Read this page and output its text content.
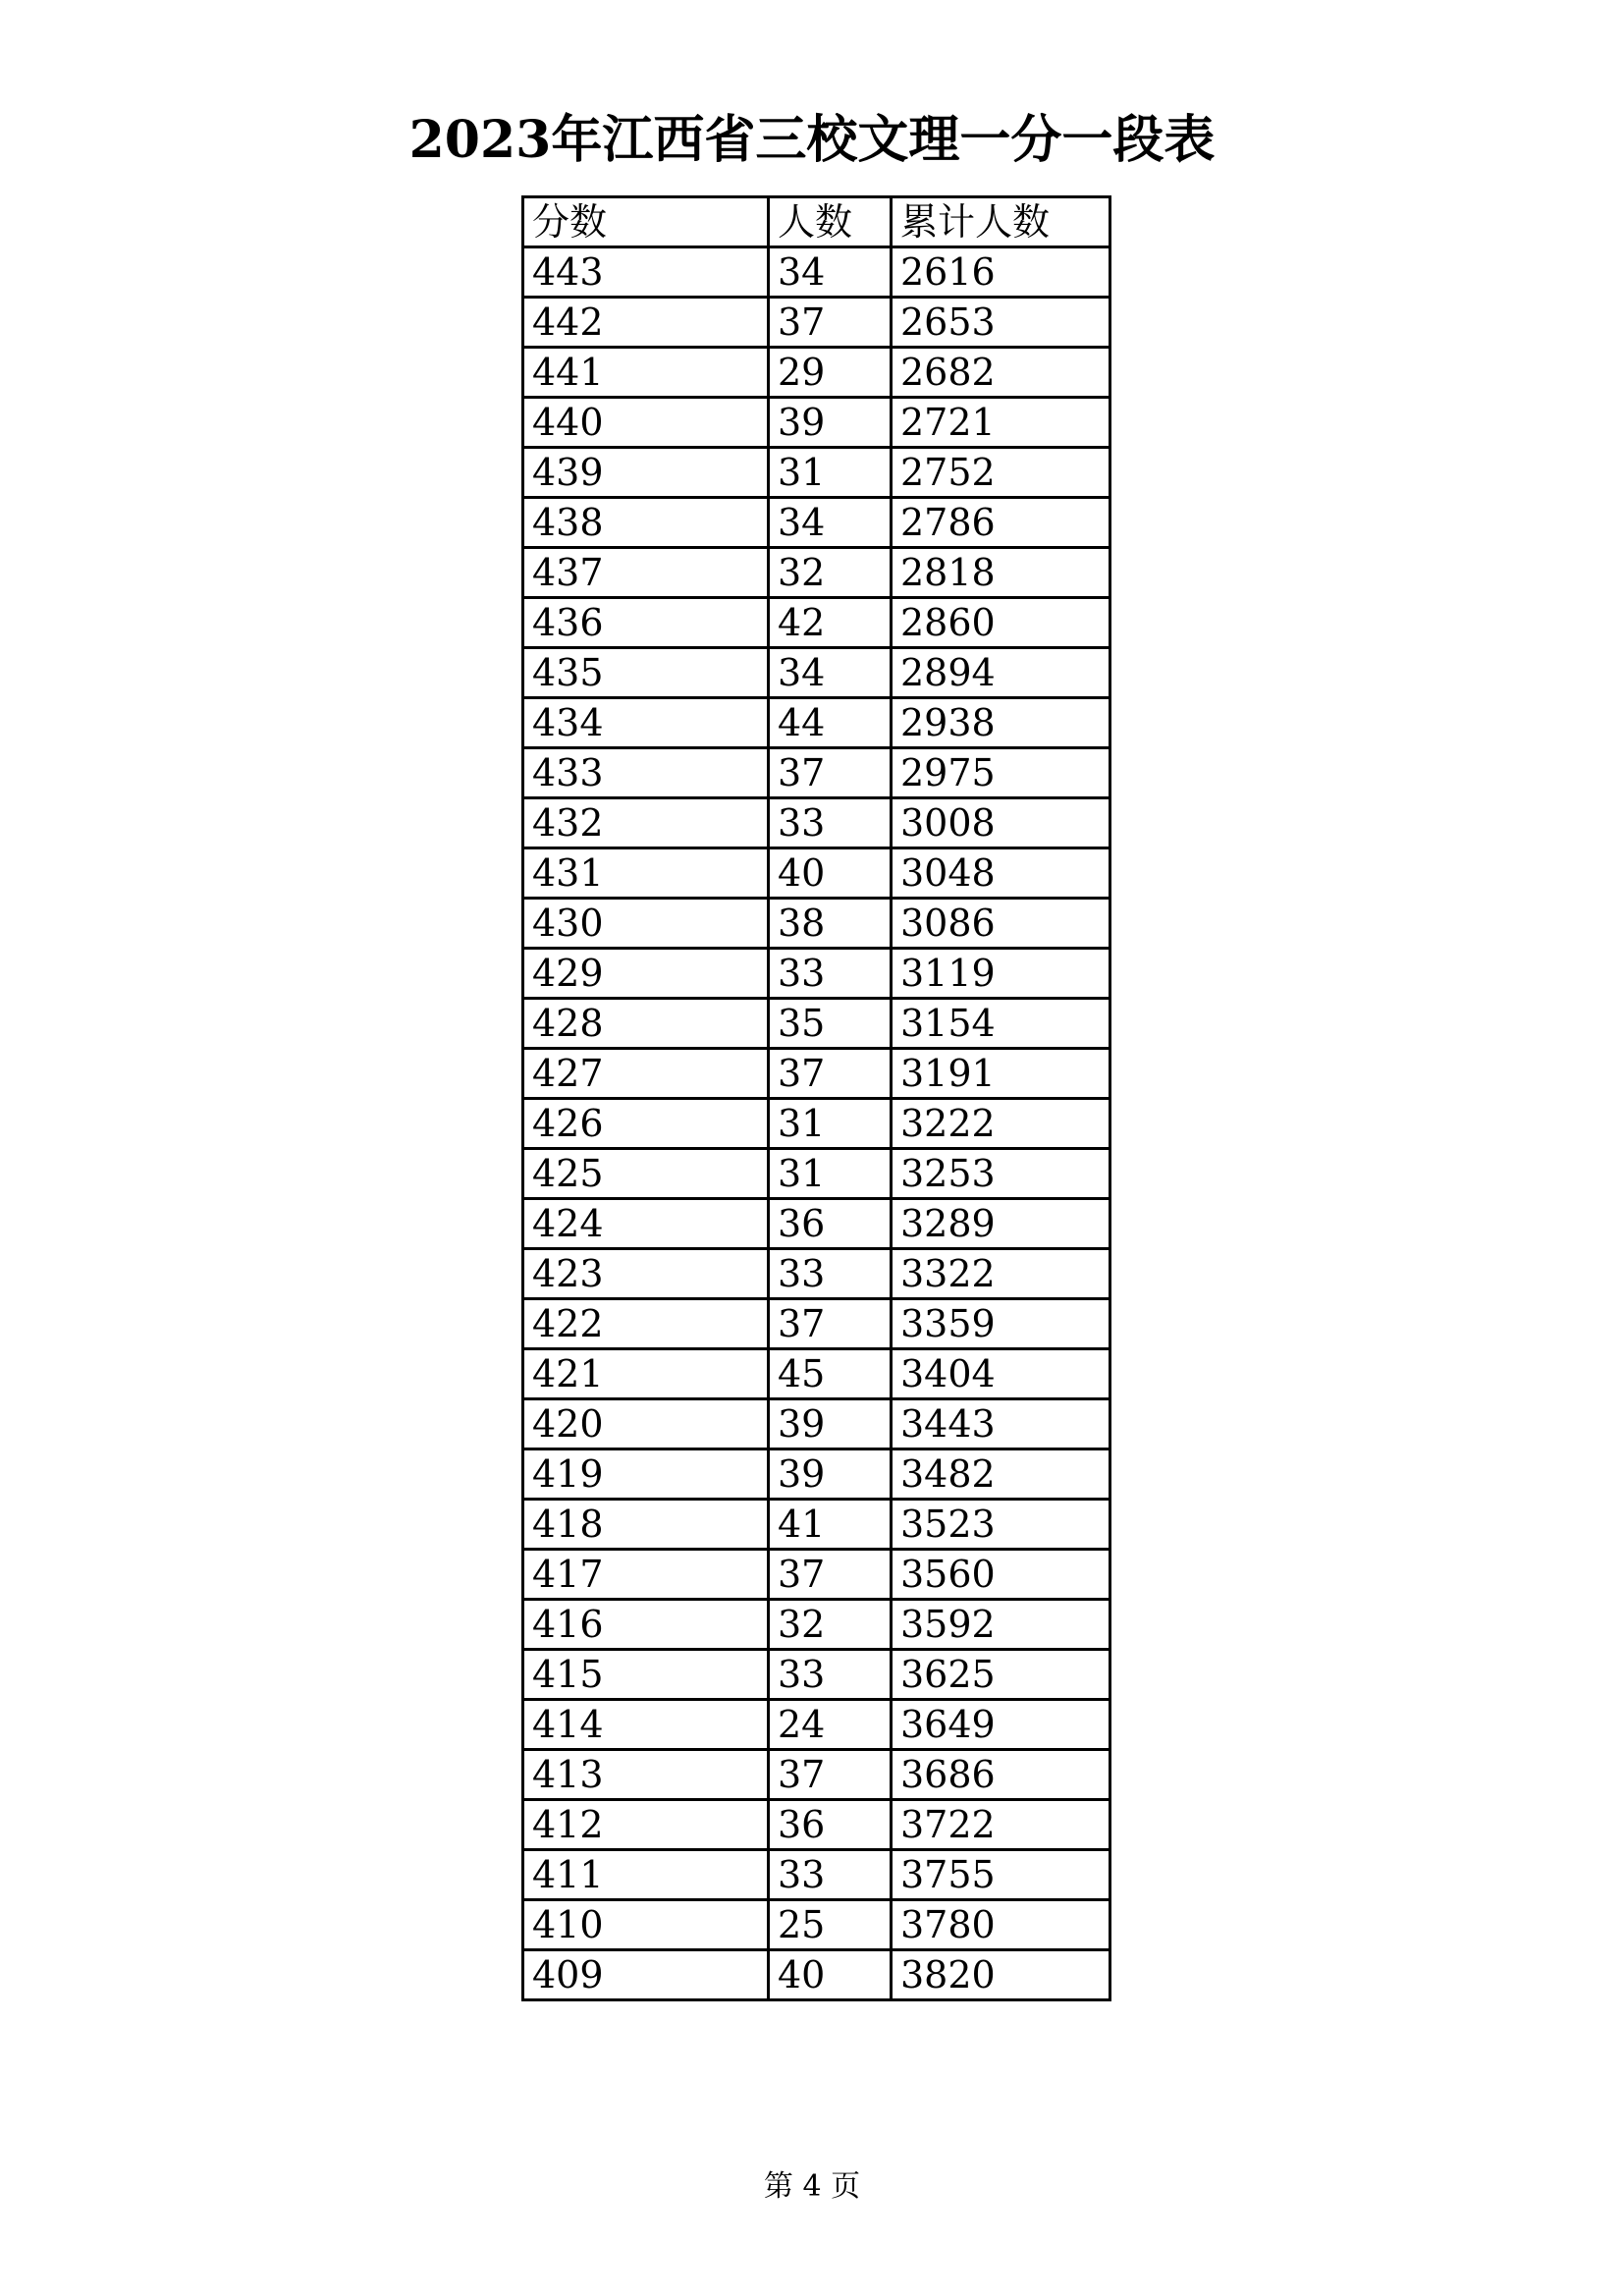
2023年江西省三校文理一分一段表
分数	人数	累计人数
443	34	2616
442	37	2653
441	29	2682
440	39	2721
439	31	2752
438	34	2786
437	32	2818
436	42	2860
435	34	2894
434	44	2938
433	37	2975
432	33	3008
431	40	3048
430	38	3086
429	33	3119
428	35	3154
427	37	3191
426	31	3222
425	31	3253
424	36	3289
423	33	3322
422	37	3359
421	45	3404
420	39	3443
419	39	3482
418	41	3523
417	37	3560
416	32	3592
415	33	3625
414	24	3649
413	37	3686
412	36	3722
411	33	3755
410	25	3780
409	40	3820
第 4 页
